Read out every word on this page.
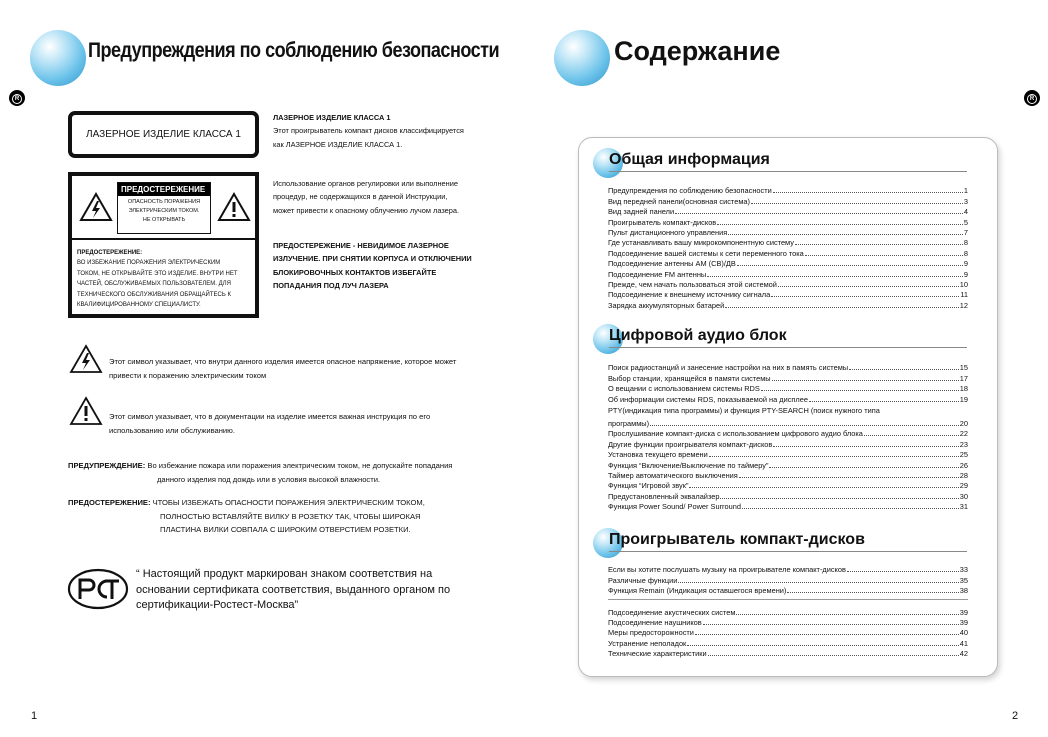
Предупреждения по соблюдению безопасности
R
ЛАЗЕРНОЕ ИЗДЕЛИЕ КЛАССА 1
ЛАЗЕРНОЕ ИЗДЕЛИЕ КЛАССА 1
Этот проигрыватель компакт дисков классифицируется
как ЛАЗЕРНОЕ ИЗДЕЛИЕ КЛАССА 1.
Использование органов регулировки или выполнение
процедур, не содержащихся в данной Инструкции,
может привести к опасному облучению лучом лазера.
ПРЕДОСТЕРЕЖЕНИЕ - НЕВИДИМОЕ ЛАЗЕРНОЕ
ИЗЛУЧЕНИЕ. ПРИ СНЯТИИ КОРПУСА И ОТКЛЮЧЕНИИ
БЛОКИРОВОЧНЫХ КОНТАКТОВ ИЗБЕГАЙТЕ
ПОПАДАНИЯ ПОД ЛУЧ ЛАЗЕРА
ПРЕДОСТЕРЕЖЕНИЕ
ОПАСНОСТЬ ПОРАЖЕНИЯ
ЭЛЕКТРИЧЕСКИМ ТОКОМ.
НЕ ОТКРЫВАТЬ
ПРЕДОСТЕРЕЖЕНИЕ:
ВО ИЗБЕЖАНИЕ ПОРАЖЕНИЯ ЭЛЕКТРИЧЕСКИМ
ТОКОМ, НЕ ОТКРЫВАЙТЕ ЭТО ИЗДЕЛИЕ. ВНУТРИ НЕТ
ЧАСТЕЙ, ОБСЛУЖИВАЕМЫХ ПОЛЬЗОВАТЕЛЕМ. ДЛЯ
ТЕХНИЧЕСКОГО ОБСЛУЖИВАНИЯ ОБРАЩАЙТЕСЬ К
КВАЛИФИЦИРОВАННОМУ СПЕЦИАЛИСТУ.
Этот символ указывает, что внутри данного изделия имеется опасное напряжение, которое может
привести к поражению электрическим током
Этот символ указывает, что в документации на изделие имеется важная инструкция по его
использованию или обслуживанию.
ПРЕДУПРЕЖДЕНИЕ: Во избежание пожара или поражения электрическим током, не допускайте попадания
данного изделия под дождь или в условия высокой влажности.
ПРЕДОСТЕРЕЖЕНИЕ: ЧТОБЫ ИЗБЕЖАТЬ ОПАСНОСТИ ПОРАЖЕНИЯ ЭЛЕКТРИЧЕСКИМ ТОКОМ,
ПОЛНОСТЬЮ ВСТАВЛЯЙТЕ ВИЛКУ В РОЗЕТКУ ТАК, ЧТОБЫ ШИРОКАЯ
ПЛАСТИНА ВИЛКИ СОВПАЛА С ШИРОКИМ ОТВЕРСТИЕМ РОЗЕТКИ.
“ Настоящий продукт маркирован знаком соответствия на
основании сертификата соответствия, выданного органом по
сертификации-Ростест-Москва”
1
Содержание
R
Общая информация
Предупреждения по соблюдению безопасности	1
Вид передней панели(основная система)	3
Вид задней панели	4
Проигрыватель компакт-дисков	5
Пульт дистанционного управления	7
Где устанавливать вашу микрокомпонентную систему	8
Подсоединение вашей системы к сети переменного тока	8
Подсоединение антенны АМ (СВ)/ДВ	9
Подсоединение FM антенны	9
Прежде, чем начать пользоваться этой системой	10
Подсоединение к внешнему источнику сигнала	11
Зарядка аккумуляторных батарей	12
Цифровой аудио блок
Поиск радиостанций и занесение настройки на них в память системы	15
Выбор станции, хранящейся в памяти системы	17
О вещании с использованием системы RDS	18
Об информации системы RDS, показываемой на дисплее	19
PTY(индикация типа программы) и функция PTY-SEARCH (поиск нужного типа
программы)	20
Прослушивание компакт-диска с использованием цифрового аудио блока	22
Другие функции проигрывателя компакт-дисков	23
Установка текущего времени	25
Функция “Включение/Выключение по таймеру”	26
Таймер автоматического выключения	28
Функция “Игровой звук”	29
Предустановленный эквалайзер	30
Функция Power Sound/ Power Surround	31
Проигрыватель компакт-дисков
Если вы хотите послушать музыку на проигрывателе компакт-дисков	33
Различные функции	35
Функция Remain (Индикация оставшегося времени)	38
Подсоединение акустических систем	39
Подсоединение наушников	39
Меры предосторожности	40
Устранение неполадок	41
Технические характеристики	42
2
